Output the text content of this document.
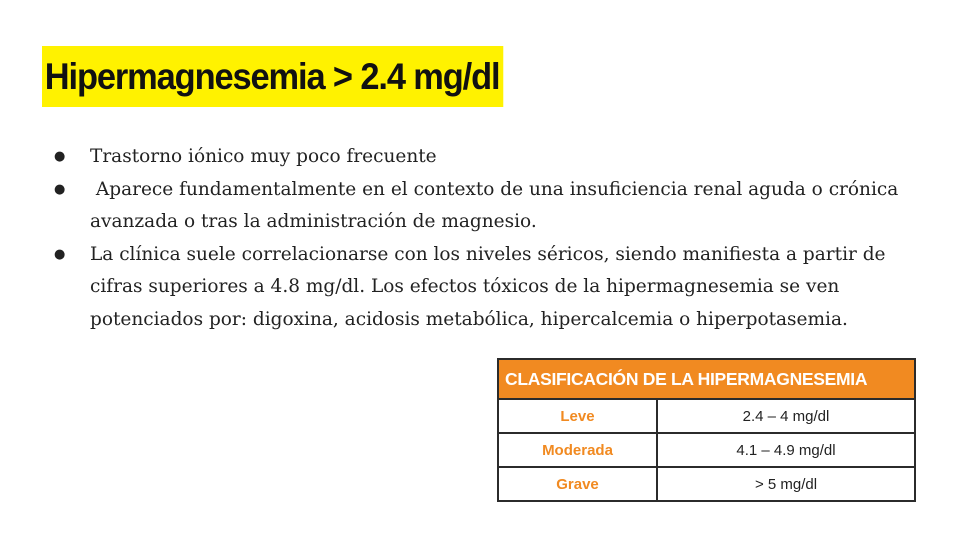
Hipermagnesemia > 2.4 mg/dl
● Trastorno iónico muy poco frecuente
● Aparece fundamentalmente en el contexto de una insuficiencia renal aguda o crónica avanzada o tras la administración de magnesio.
● La clínica suele correlacionarse con los niveles séricos, siendo manifiesta a partir de cifras superiores a 4.8 mg/dl. Los efectos tóxicos de la hipermagnesemia se ven potenciados por: digoxina, acidosis metabólica, hipercalcemia o hiperpotasemia.
CLASIFICACIÓN DE LA HIPERMAGNESEMIA	
Leve	2.4 – 4 mg/dl
Moderada	4.1 – 4.9 mg/dl
Grave	> 5 mg/dl
